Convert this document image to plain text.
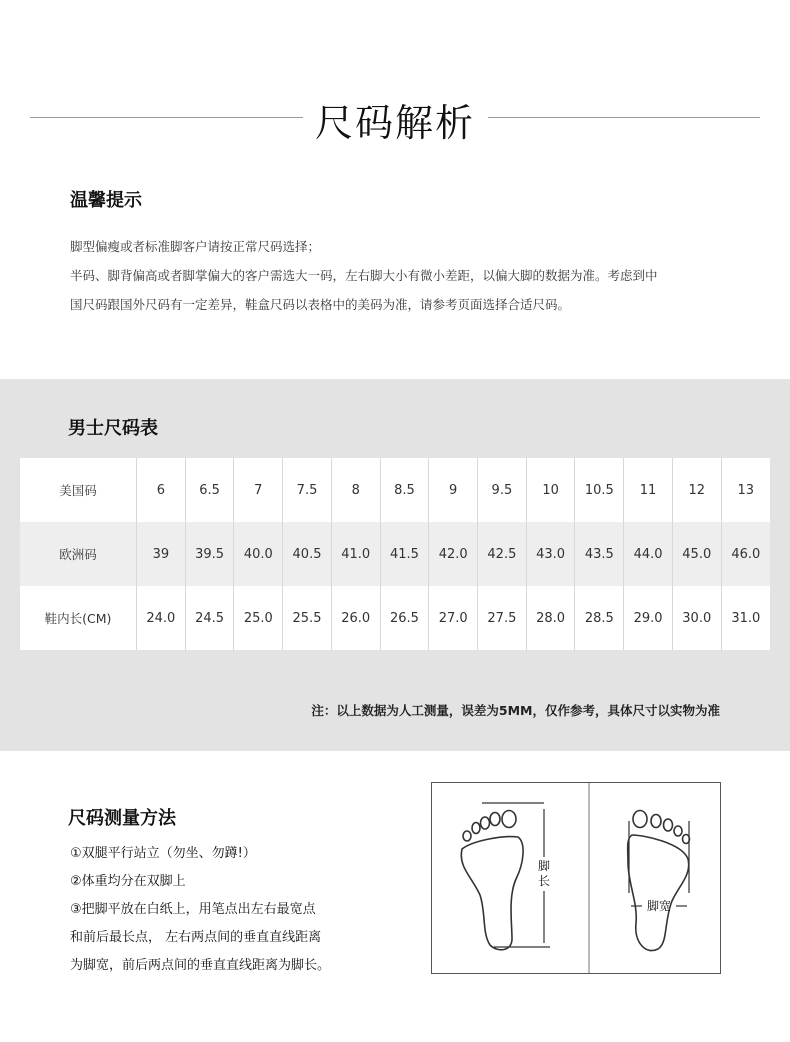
尺码解析
温馨提示
脚型偏瘦或者标准脚客户请按正常尺码选择；
半码、脚背偏高或者脚掌偏大的客户需选大一码，左右脚大小有微小差距，以偏大脚的数据为准。考虑到中
国尺码跟国外尺码有一定差异，鞋盒尺码以表格中的美码为准，请参考页面选择合适尺码。
男士尺码表
美国码	6	6.5	7	7.5	8	8.5	9	9.5	10	10.5	11	12	13
欧洲码	39	39.5	40.0	40.5	41.0	41.5	42.0	42.5	43.0	43.5	44.0	45.0	46.0
鞋内长(CM)	24.0	24.5	25.0	25.5	26.0	26.5	27.0	27.5	28.0	28.5	29.0	30.0	31.0
注：以上数据为人工测量，误差为5MM，仅作参考，具体尺寸以实物为准
尺码测量方法
①双腿平行站立（勿坐、勿蹲!）
②体重均分在双脚上
③把脚平放在白纸上，用笔点出左右最宽点
和前后最长点， 左右两点间的垂直直线距离
为脚宽，前后两点间的垂直直线距离为脚长。
脚
长
脚宽
